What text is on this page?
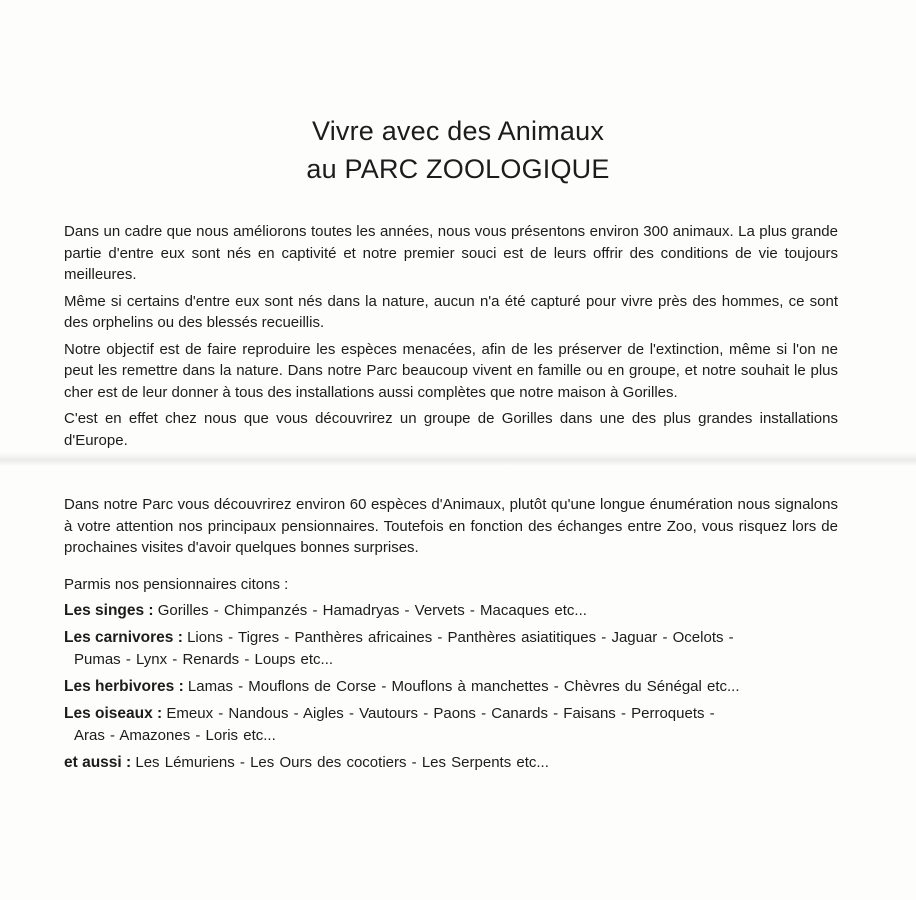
Vivre avec des Animaux
au PARC ZOOLOGIQUE

Dans un cadre que nous améliorons toutes les années, nous vous présentons environ 300 animaux. La plus grande partie d'entre eux sont nés en captivité et notre premier souci est de leurs offrir des conditions de vie toujours meilleures.

Même si certains d'entre eux sont nés dans la nature, aucun n'a été capturé pour vivre près des hommes, ce sont des orphelins ou des blessés recueillis.

Notre objectif est de faire reproduire les espèces menacées, afin de les préserver de l'extinction, même si l'on ne peut les remettre dans la nature. Dans notre Parc beaucoup vivent en famille ou en groupe, et notre souhait le plus cher est de leur donner à tous des installations aussi complètes que notre maison à Gorilles.

C'est en effet chez nous que vous découvrirez un groupe de Gorilles dans une des plus grandes installations d'Europe.

Dans notre Parc vous découvrirez environ 60 espèces d'Animaux, plutôt qu'une longue énumération nous signalons à votre attention nos principaux pensionnaires. Toutefois en fonction des échanges entre Zoo, vous risquez lors de prochaines visites d'avoir quelques bonnes surprises.

Parmis nos pensionnaires citons :
Les singes : Gorilles - Chimpanzés - Hamadryas - Vervets - Macaques etc...
Les carnivores : Lions - Tigres - Panthères africaines - Panthères asiatitiques - Jaguar - Ocelots -
Pumas - Lynx - Renards - Loups etc...
Les herbivores : Lamas - Mouflons de Corse - Mouflons à manchettes - Chèvres du Sénégal etc...
Les oiseaux : Emeux - Nandous - Aigles - Vautours - Paons - Canards - Faisans - Perroquets -
Aras - Amazones - Loris etc...
et aussi : Les Lémuriens - Les Ours des cocotiers - Les Serpents etc...
